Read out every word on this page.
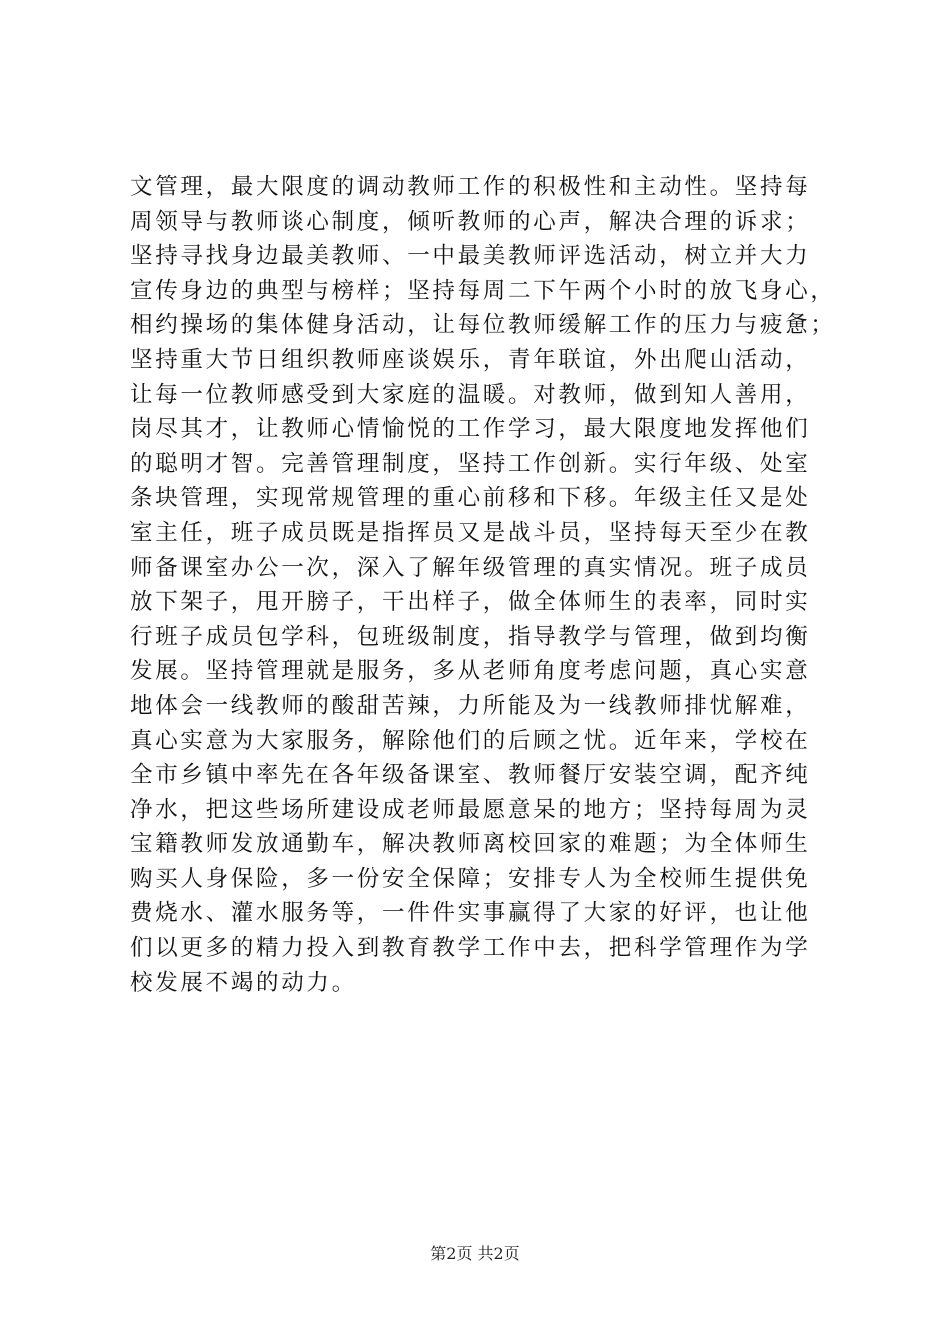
文管理，最大限度的调动教师工作的积极性和主动性。坚持每
周领导与教师谈心制度，倾听教师的心声，解决合理的诉求；
坚持寻找身边最美教师、一中最美教师评选活动，树立并大力
宣传身边的典型与榜样；坚持每周二下午两个小时的放飞身心，
相约操场的集体健身活动，让每位教师缓解工作的压力与疲惫；
坚持重大节日组织教师座谈娱乐，青年联谊，外出爬山活动，
让每一位教师感受到大家庭的温暖。对教师，做到知人善用，
岗尽其才，让教师心情愉悦的工作学习，最大限度地发挥他们
的聪明才智。完善管理制度，坚持工作创新。实行年级、处室
条块管理，实现常规管理的重心前移和下移。年级主任又是处
室主任，班子成员既是指挥员又是战斗员，坚持每天至少在教
师备课室办公一次，深入了解年级管理的真实情况。班子成员
放下架子，甩开膀子，干出样子，做全体师生的表率，同时实
行班子成员包学科，包班级制度，指导教学与管理，做到均衡
发展。坚持管理就是服务，多从老师角度考虑问题，真心实意
地体会一线教师的酸甜苦辣，力所能及为一线教师排忧解难，
真心实意为大家服务，解除他们的后顾之忧。近年来，学校在
全市乡镇中率先在各年级备课室、教师餐厅安装空调，配齐纯
净水，把这些场所建设成老师最愿意呆的地方；坚持每周为灵
宝籍教师发放通勤车，解决教师离校回家的难题；为全体师生
购买人身保险，多一份安全保障；安排专人为全校师生提供免
费烧水、灌水服务等，一件件实事赢得了大家的好评，也让他
们以更多的精力投入到教育教学工作中去，把科学管理作为学
校发展不竭的动力。
第2页 共2页
